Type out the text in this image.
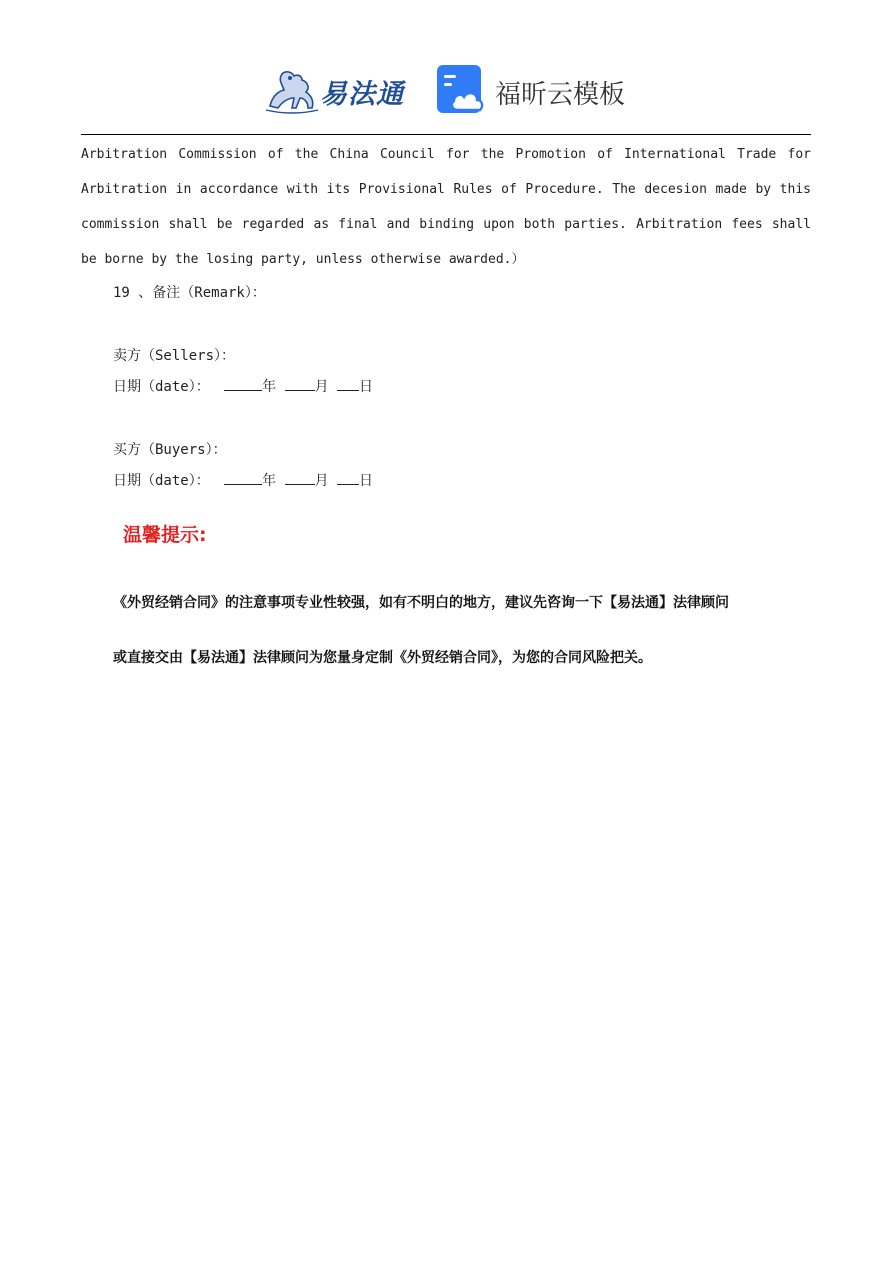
易法通	福昕云模板
Arbitration Commission of the China Council for the Promotion of International Trade for
Arbitration in accordance with its Provisional Rules of Procedure. The decesion made by this
commission shall be regarded as final and binding upon both parties. Arbitration fees shall
be borne by the losing party, unless otherwise awarded.）
19 、备注（Remark）：
卖方（Sellers）：
日期（date）：	年	月 日
买方（Buyers）：
日期（date）：	年	月 日
温馨提示:
《外贸经销合同》的注意事项专业性较强，如有不明白的地方，建议先咨询一下【易法通】法律顾问
或直接交由【易法通】法律顾问为您量身定制《外贸经销合同》，为您的合同风险把关。
